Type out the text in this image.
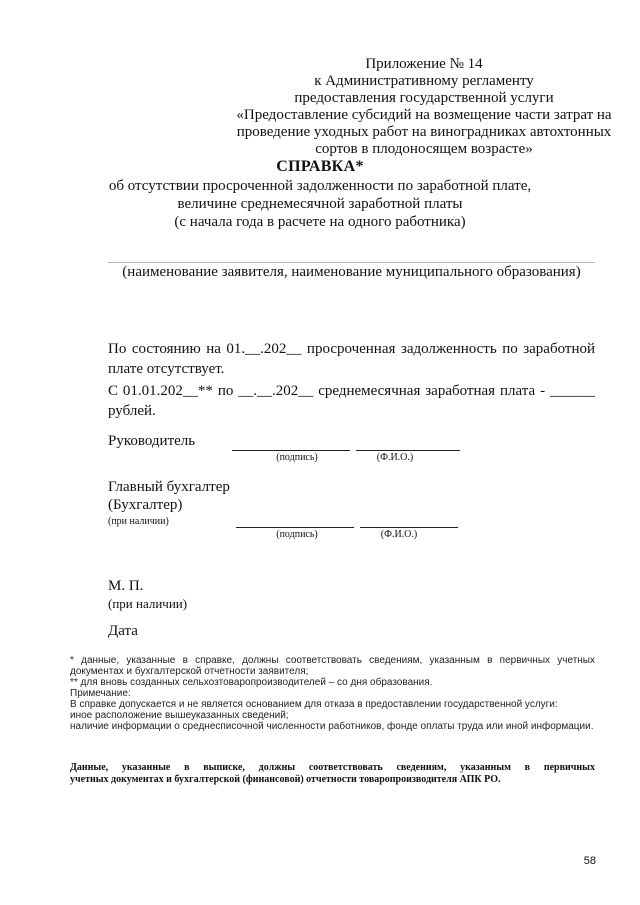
Приложение № 14
к Административному регламенту
предоставления государственной услуги
«Предоставление субсидий на возмещение части затрат на
проведение уходных работ на виноградниках автохтонных
сортов в плодоносящем возрасте»
СПРАВКА*
об отсутствии просроченной задолженности по заработной плате,
величине среднемесячной заработной платы
(с начала года в расчете на одного работника)
(наименование заявителя, наименование муниципального образования)
По состоянию на 01.__.202__ просроченная задолженность по заработной
плате отсутствует.
С 01.01.202__** по __.__.202__ среднемесячная заработная плата - ______
рублей.
Руководитель
(подпись)	(Ф.И.О.)
Главный бухгалтер
(Бухгалтер)
(при наличии)
(подпись)	(Ф.И.О.)
М. П.
(при наличии)
Дата
* данные, указанные в справке, должны соответствовать сведениям, указанным в первичных учетных
документах и бухгалтерской отчетности заявителя;
** для вновь созданных сельхозтоваропроизводителей – со дня образования.
Примечание:
В справке допускается и не является основанием для отказа в предоставлении государственной услуги:
иное расположение вышеуказанных сведений;
наличие информации о среднесписочной численности работников, фонде оплаты труда или иной информации.
Данные, указанные в выписке, должны соответствовать сведениям, указанным в первичных
учетных документах и бухгалтерской (финансовой) отчетности товаропроизводителя АПК РО.
58
